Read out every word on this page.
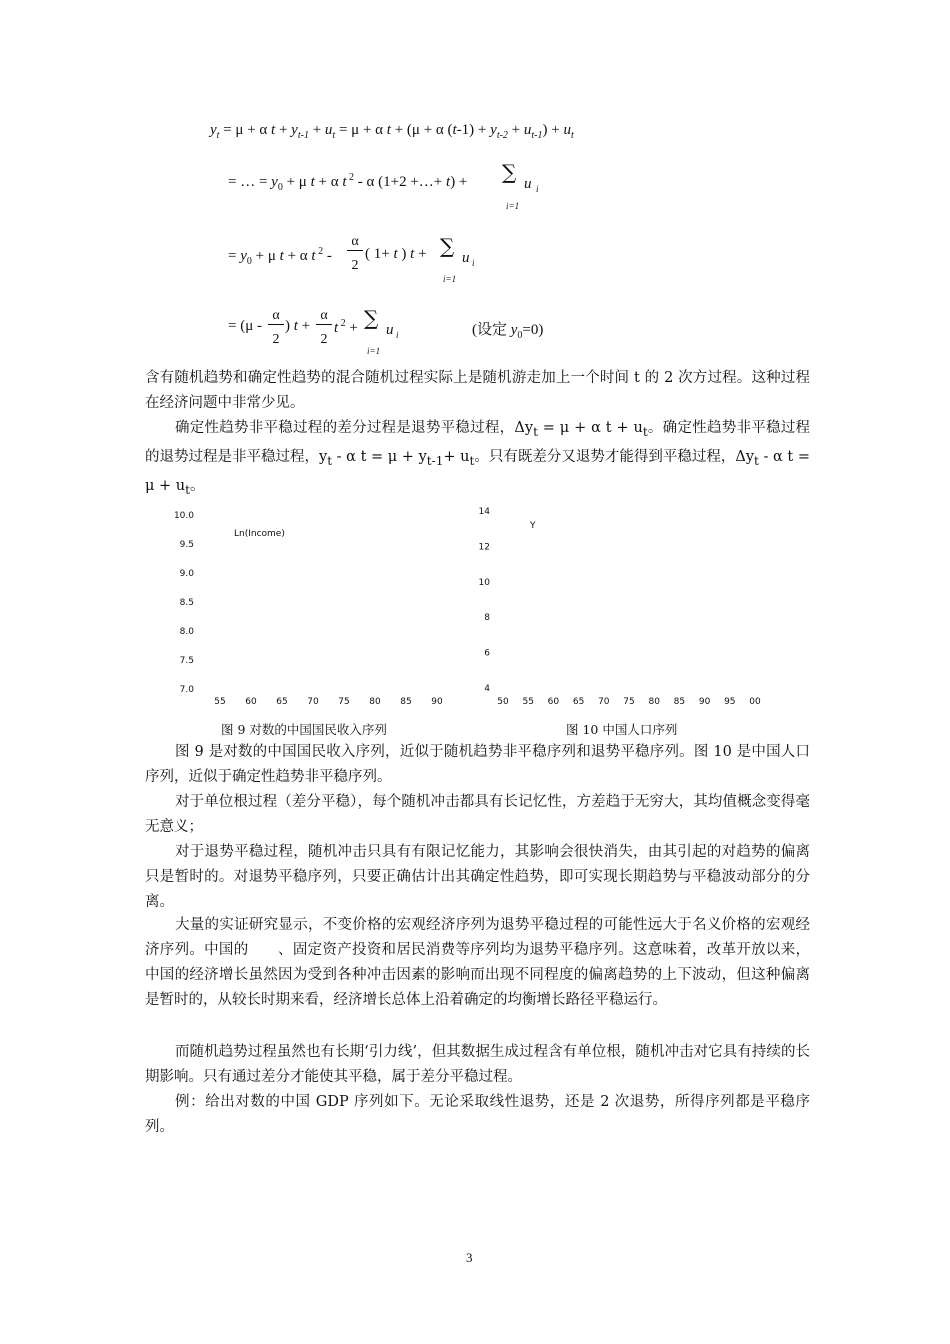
$y_t = \mu + \alpha$ $t + y_{t-1} + u_t = \mu + \alpha$ t + (μ + α $(t-1) + y_{t-2} + u_{t-1}) + u_t$
= … = $y_0 + \mu$ t + α t $^2$ - α (1+2 +…+ t) + ∑ u i
i=1
= $y_0 + \mu$ t + α t $^2$ -
α
2
( 1+ t ) t + ∑ u i
i=1
= (μ -
α
2
) t +
α
2
t $^2$ + ∑ u i
i=1
(设定 $y_0=0$)
含有随机趋势和确定性趋势的混合随机过程实际上是随机游走加上一个时间 t 的 2 次方过程。这种过程在经济问题中非常少见。
确定性趋势非平稳过程的差分过程是退势平稳过程，$\Delta y_t = \mu + \alpha$ $t + u_t$。确定性趋势非平稳过程的退势过程是非平稳过程，$y_t$ - α $t = \mu + y_{t-1}+ u_t$。只有既差分又退势才能得到平稳过程，$\Delta y_t$ - α $t = \mu + u_t$。
Ln(Income)
10.0
9.5
9.0
8.5
8.0
7.5
7.0
55 60 65 70 75 80 85 90
Y
14
12
10
8
6
4
50 55 60 65 70 75 80 85 90 95 00
图 9 对数的中国国民收入序列	图 10 中国人口序列
图 9 是对数的中国国民收入序列，近似于随机趋势非平稳序列和退势平稳序列。图 10 是中国人口序列，近似于确定性趋势非平稳序列。
对于单位根过程（差分平稳），每个随机冲击都具有长记忆性，方差趋于无穷大，其均值概念变得毫无意义；
对于退势平稳过程，随机冲击只具有有限记忆能力，其影响会很快消失，由其引起的对趋势的偏离只是暂时的。对退势平稳序列，只要正确估计出其确定性趋势，即可实现长期趋势与平稳波动部分的分离。
大量的实证研究显示，不变价格的宏观经济序列为退势平稳过程的可能性远大于名义价格的宏观经济序列。中国的　　、固定资产投资和居民消费等序列均为退势平稳序列。这意味着，改革开放以来，中国的经济增长虽然因为受到各种冲击因素的影响而出现不同程度的偏离趋势的上下波动，但这种偏离是暂时的，从较长时期来看，经济增长总体上沿着确定的均衡增长路径平稳运行。
而随机趋势过程虽然也有长期‘引力线’，但其数据生成过程含有单位根，随机冲击对它具有持续的长期影响。只有通过差分才能使其平稳，属于差分平稳过程。
例：给出对数的中国 GDP 序列如下。无论采取线性退势，还是 2 次退势，所得序列都是平稳序列。
3
